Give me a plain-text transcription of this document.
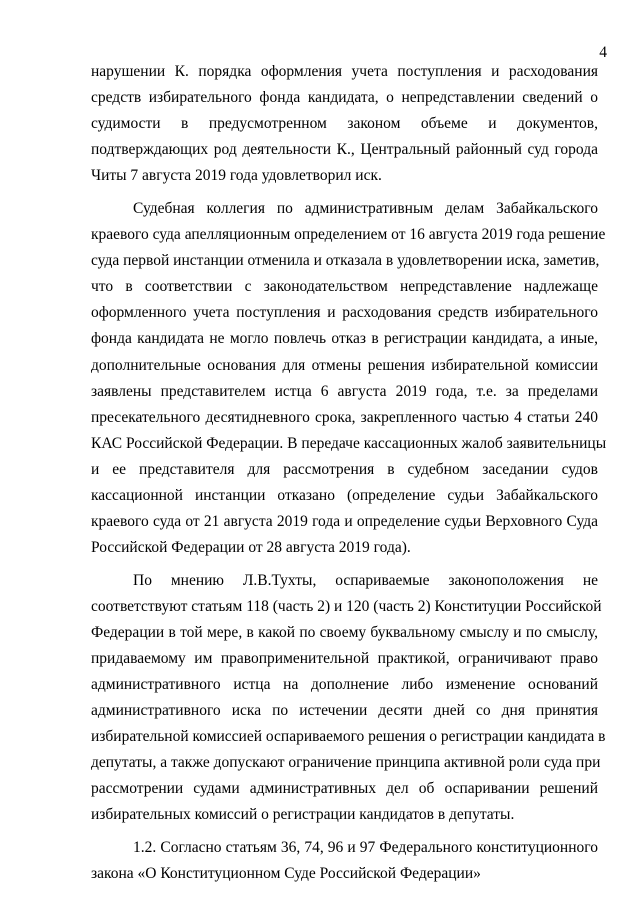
4
нарушении К. порядка оформления учета поступления и расходования
средств избирательного фонда кандидата, о непредставлении сведений о
судимости в предусмотренном законом объеме и документов,
подтверждающих род деятельности К., Центральный районный суд города
Читы 7 августа 2019 года удовлетворил иск.
Судебная коллегия по административным делам Забайкальского
краевого суда апелляционным определением от 16 августа 2019 года решение
суда первой инстанции отменила и отказала в удовлетворении иска, заметив,
что в соответствии с законодательством непредставление надлежаще
оформленного учета поступления и расходования средств избирательного
фонда кандидата не могло повлечь отказ в регистрации кандидата, а иные,
дополнительные основания для отмены решения избирательной комиссии
заявлены представителем истца 6 августа 2019 года, т.е. за пределами
пресекательного десятидневного срока, закрепленного частью 4 статьи 240
КАС Российской Федерации. В передаче кассационных жалоб заявительницы
и ее представителя для рассмотрения в судебном заседании судов
кассационной инстанции отказано (определение судьи Забайкальского
краевого суда от 21 августа 2019 года и определение судьи Верховного Суда
Российской Федерации от 28 августа 2019 года).
По мнению Л.В.Тухты, оспариваемые законоположения не
соответствуют статьям 118 (часть 2) и 120 (часть 2) Конституции Российской
Федерации в той мере, в какой по своему буквальному смыслу и по смыслу,
придаваемому им правоприменительной практикой, ограничивают право
административного истца на дополнение либо изменение оснований
административного иска по истечении десяти дней со дня принятия
избирательной комиссией оспариваемого решения о регистрации кандидата в
депутаты, а также допускают ограничение принципа активной роли суда при
рассмотрении судами административных дел об оспаривании решений
избирательных комиссий о регистрации кандидатов в депутаты.
1.2. Согласно статьям 36, 74, 96 и 97 Федерального конституционного
закона «О Конституционном Суде Российской Федерации»
